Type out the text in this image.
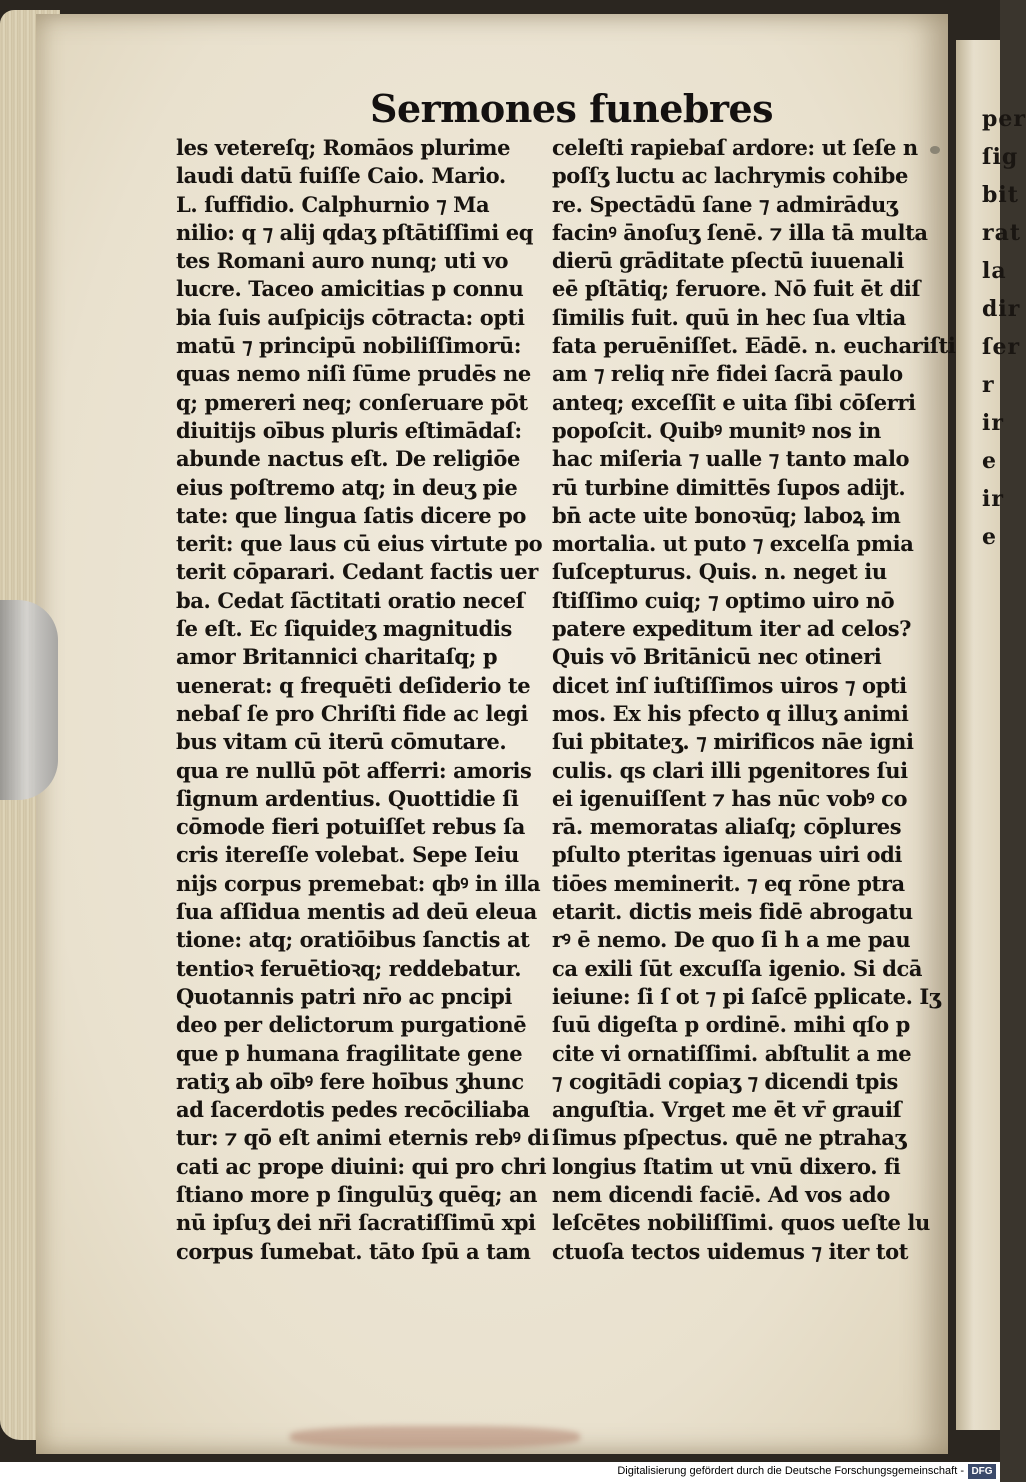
per
ſig
bit
rat
la
dir
ſer
r
ir
e
ir
e
Sermones funebres
les vetereſq; Romāos plurime
laudi datū fuiſſe Caio. Mario.
L. ſuffidio. Calphurnio ⁊ Ma
nilio: q ⁊ alij qdaʒ pſtātiſſimi eq
tes Romani auro nunq; uti vo
lucre. Taceo amicitias p connu
bia ſuis auſpicijs cōtracta: opti
matū ⁊ principū nobiliſſimorū:
quas nemo niſi ſūme prudēs ne
q; pmereri neq; conſeruare pōt
diuitijs oībus pluris eſtimādaſ:
abunde nactus eſt. De religiōe
eius poſtremo atq; in deuʒ pie
tate: que lingua ſatis dicere po
terit: que laus cū eius virtute po
terit cōparari. Cedant factis uer
ba. Cedat ſāctitati oratio neceſ
ſe eſt. Ec ſiquideʒ magnitudis
amor Britannici charitaſq; p
uenerat: q frequēti deſiderio te
nebaſ ſe pro Chriſti fide ac legi
bus vitam cū iterū cōmutare.
qua re nullū pōt afferri: amoris
ſignum ardentius. Quottidie ſi
cōmode fieri potuiſſet rebus ſa
cris itereſſe volebat. Sepe Ieiu
nijs corpus premebat: qbꝰ in illa
ſua aſſidua mentis ad deū eleua
tione: atq; oratiōibus ſanctis at
tentioꝛ feruētioꝛq; reddebatur.
Quotannis patri nr̄o ac pncipi
deo per delictorum purgationē
que p humana fragilitate gene
ratiʒ ab oībꝰ fere hoībus ʒhunc
ad ſacerdotis pedes recōciliaba
tur: ⁊ qō eſt animi eternis rebꝰ di
cati ac prope diuini: qui pro chri
ſtiano more p ſingulūʒ quēq; an
nū ipſuʒ dei nr̄i ſacratiſſimū xpi
corpus ſumebat. tāto ſpū a tam
celeſti rapiebaſ ardore: ut ſeſe n
poſſʒ luctu ac lachrymis cohibe
re. Spectādū ſane ⁊ admirāduʒ
facinꝰ ānoſuʒ ſenē. ⁊ illa tā multa
dierū grāditate pſectū iuuenali
eē pſtātiq; feruore. Nō fuit ēt diſ
ſimilis fuit. quū in hec ſua vltia
fata peruēniſſet. Eādē. n. euchariſti
am ⁊ reliq nr̄e fidei ſacrā paulo
anteq; exceſſit e uita ſibi cōſerri
popoſcit. Quibꝰ munitꝰ nos in
hac miſeria ⁊ ualle ⁊ tanto malo
rū turbine dimittēs ſupos adijt.
bn̄ acte uite bonoꝛūq; laboꝝ im
mortalia. ut puto ⁊ excelſa pmia
ſuſcepturus. Quis. n. neget iu
ſtiſſimo cuiq; ⁊ optimo uiro nō
patere expeditum iter ad celos?
Quis vō Britānicū nec otineri
dicet inſ iuſtiſſimos uiros ⁊ opti
mos. Ex his pfecto q illuʒ animi
ſui pbitateʒ. ⁊ mirificos nāe igni
culis. qs clari illi pgenitores ſui
ei igenuiſſent ⁊ has nūc vobꝰ co
rā. memoratas aliaſq; cōplures
pſulto pteritas igenuas uiri odi
tiōes meminerit. ⁊ eq rōne ptra
etarit. dictis meis fidē abrogatu
rꝰ ē nemo. De quo ſi h a me pau
ca exili ſūt excuſſa igenio. Si dcā
ieiune: ſi ſ ot ⁊ pi ſaſcē pplicate. Iʒ
ſuū digeſta p ordinē. mihi qſo p
cite vi ornatiſſimi. abſtulit a me
⁊ cogitādi copiaʒ ⁊ dicendi tpis
anguſtia. Vrget me ēt vr̄ grauiſ
ſimus pſpectus. quē ne ptrahaʒ
longius ſtatim ut vnū dixero. fi
nem dicendi faciē. Ad vos ado
leſcētes nobiliſſimi. quos ueſte lu
ctuoſa tectos uidemus ⁊ iter tot
Digitalisierung gefördert durch die Deutsche Forschungsgemeinschaft - DFG
